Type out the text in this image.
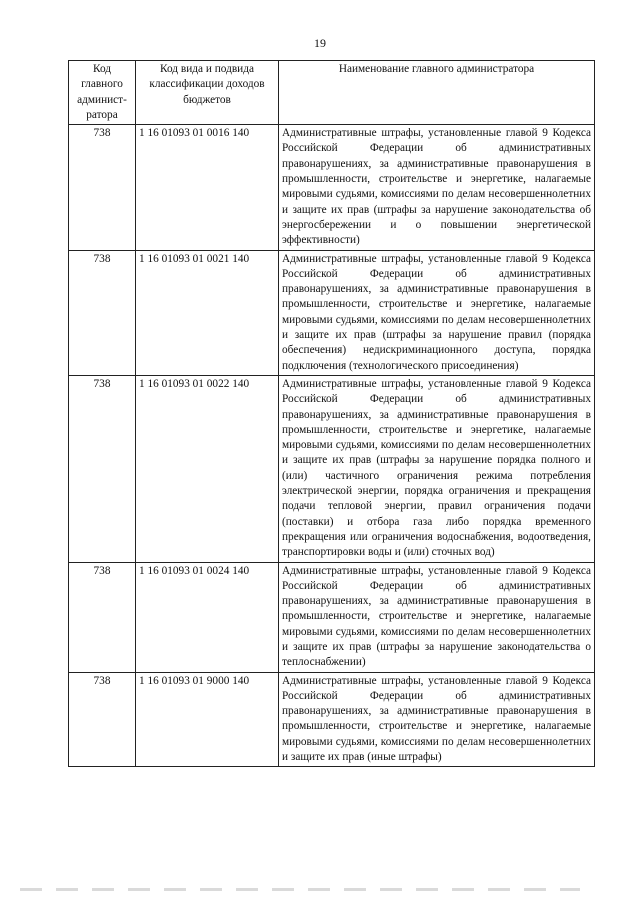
19
Код главного админист-ратора	Код вида и подвида классификации доходов бюджетов	Наименование главного администратора
738	1 16 01093 01 0016 140	Административные штрафы, установленные главой 9 Кодекса Российской Федерации об административных правонарушениях, за административные правонарушения в промышленности, строительстве и энергетике, налагаемые мировыми судьями, комиссиями по делам несовершеннолетних и защите их прав (штрафы за нарушение законодательства об энергосбережении и о повышении энергетической эффективности)
738	1 16 01093 01 0021 140	Административные штрафы, установленные главой 9 Кодекса Российской Федерации об административных правонарушениях, за административные правонарушения в промышленности, строительстве и энергетике, налагаемые мировыми судьями, комиссиями по делам несовершеннолетних и защите их прав (штрафы за нарушение правил (порядка обеспечения) недискриминационного доступа, порядка подключения (технологического присоединения)
738	1 16 01093 01 0022 140	Административные штрафы, установленные главой 9 Кодекса Российской Федерации об административных правонарушениях, за административные правонарушения в промышленности, строительстве и энергетике, налагаемые мировыми судьями, комиссиями по делам несовершеннолетних и защите их прав (штрафы за нарушение порядка полного и (или) частичного ограничения режима потребления электрической энергии, порядка ограничения и прекращения подачи тепловой энергии, правил ограничения подачи (поставки) и отбора газа либо порядка временного прекращения или ограничения водоснабжения, водоотведения, транспортировки воды и (или) сточных вод)
738	1 16 01093 01 0024 140	Административные штрафы, установленные главой 9 Кодекса Российской Федерации об административных правонарушениях, за административные правонарушения в промышленности, строительстве и энергетике, налагаемые мировыми судьями, комиссиями по делам несовершеннолетних и защите их прав (штрафы за нарушение законодательства о теплоснабжении)
738	1 16 01093 01 9000 140	Административные штрафы, установленные главой 9 Кодекса Российской Федерации об административных правонарушениях, за административные правонарушения в промышленности, строительстве и энергетике, налагаемые мировыми судьями, комиссиями по делам несовершеннолетних и защите их прав (иные штрафы)
